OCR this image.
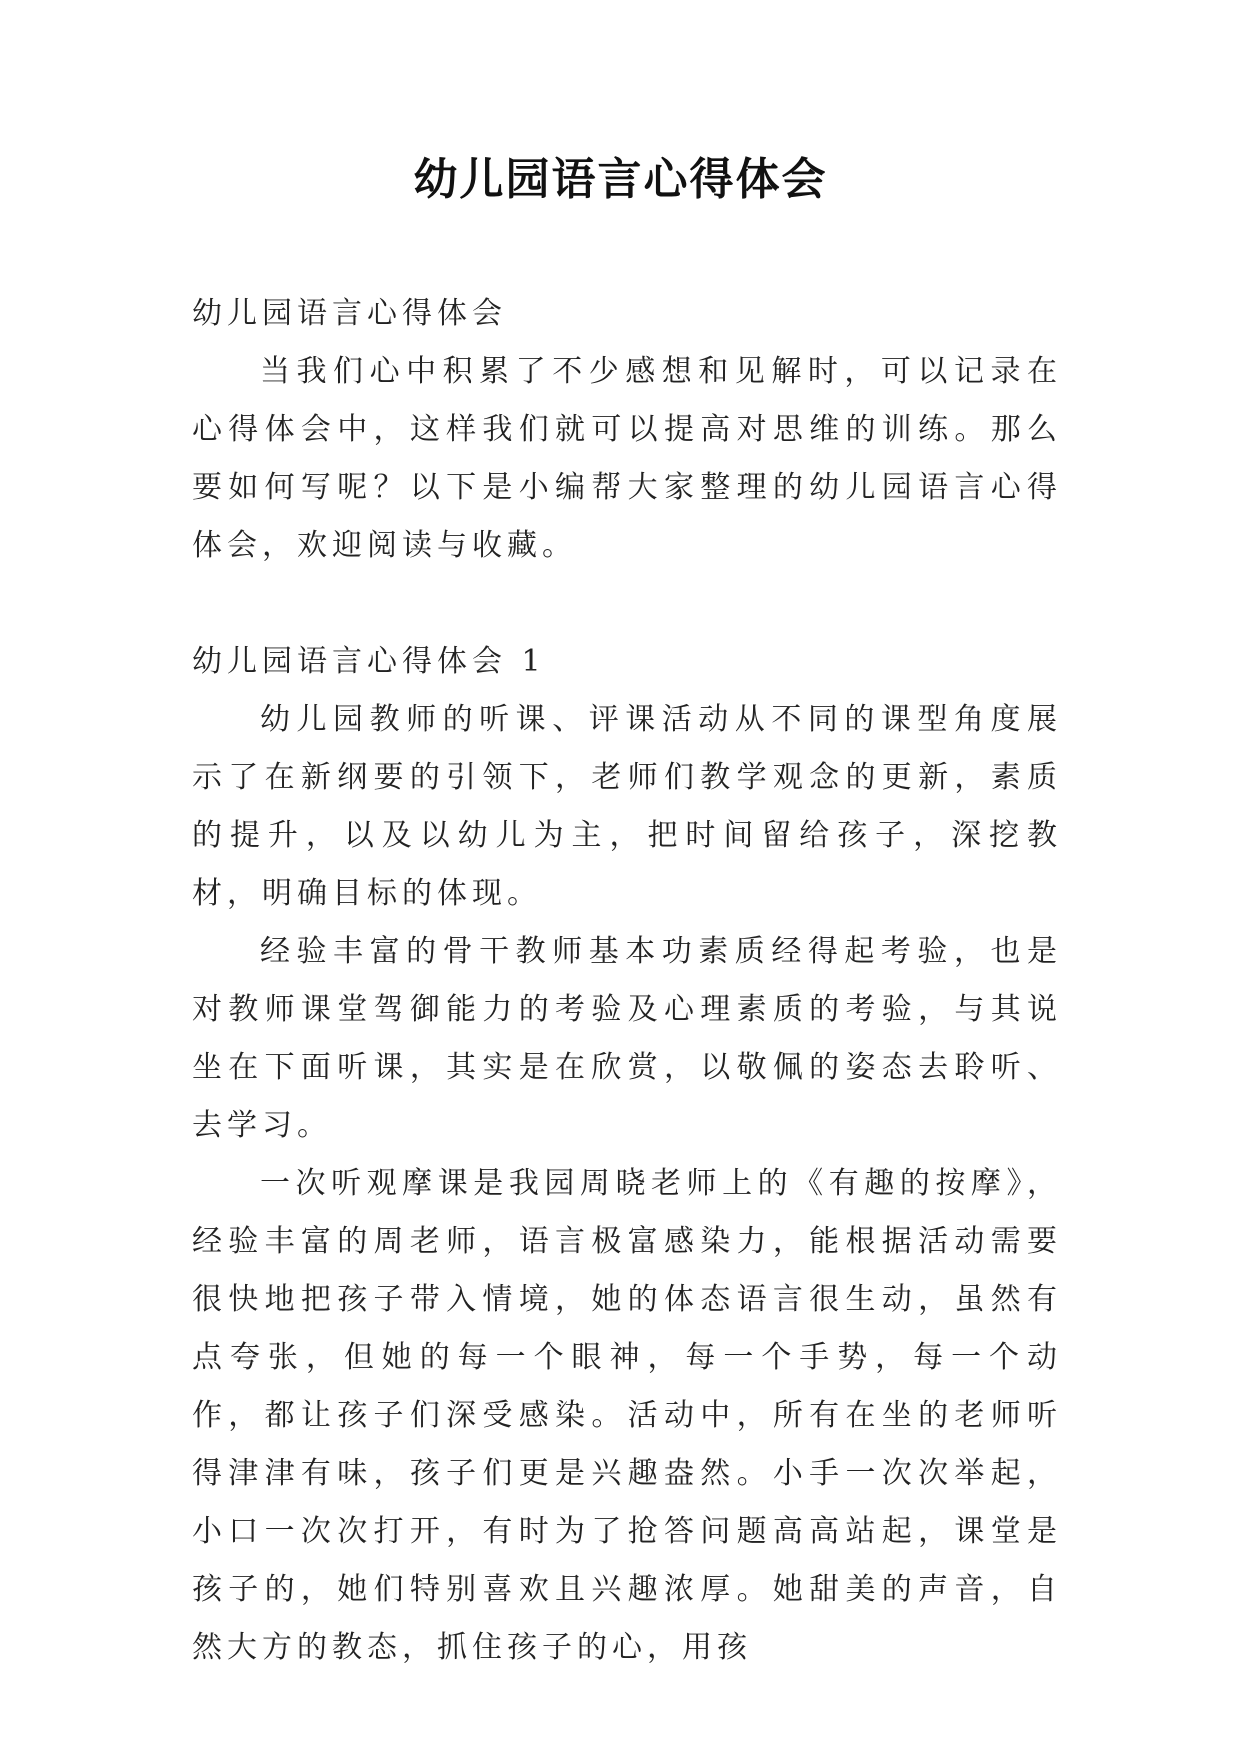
幼儿园语言心得体会

幼儿园语言心得体会

当我们心中积累了不少感想和见解时，可以记录在心得体会中，这样我们就可以提高对思维的训练。那么要如何写呢？以下是小编帮大家整理的幼儿园语言心得体会，欢迎阅读与收藏。

幼儿园语言心得体会 1

幼儿园教师的听课、评课活动从不同的课型角度展示了在新纲要的引领下，老师们教学观念的更新，素质的提升，以及以幼儿为主，把时间留给孩子，深挖教材，明确目标的体现。

经验丰富的骨干教师基本功素质经得起考验，也是对教师课堂驾御能力的考验及心理素质的考验，与其说坐在下面听课，其实是在欣赏，以敬佩的姿态去聆听、去学习。

一次听观摩课是我园周晓老师上的《有趣的按摩》，经验丰富的周老师，语言极富感染力，能根据活动需要很快地把孩子带入情境，她的体态语言很生动，虽然有点夸张，但她的每一个眼神，每一个手势，每一个动作，都让孩子们深受感染。活动中，所有在坐的老师听得津津有味，孩子们更是兴趣盎然。小手一次次举起，小口一次次打开，有时为了抢答问题高高站起，课堂是孩子的，她们特别喜欢且兴趣浓厚。她甜美的声音，自然大方的教态，抓住孩子的心，用孩
